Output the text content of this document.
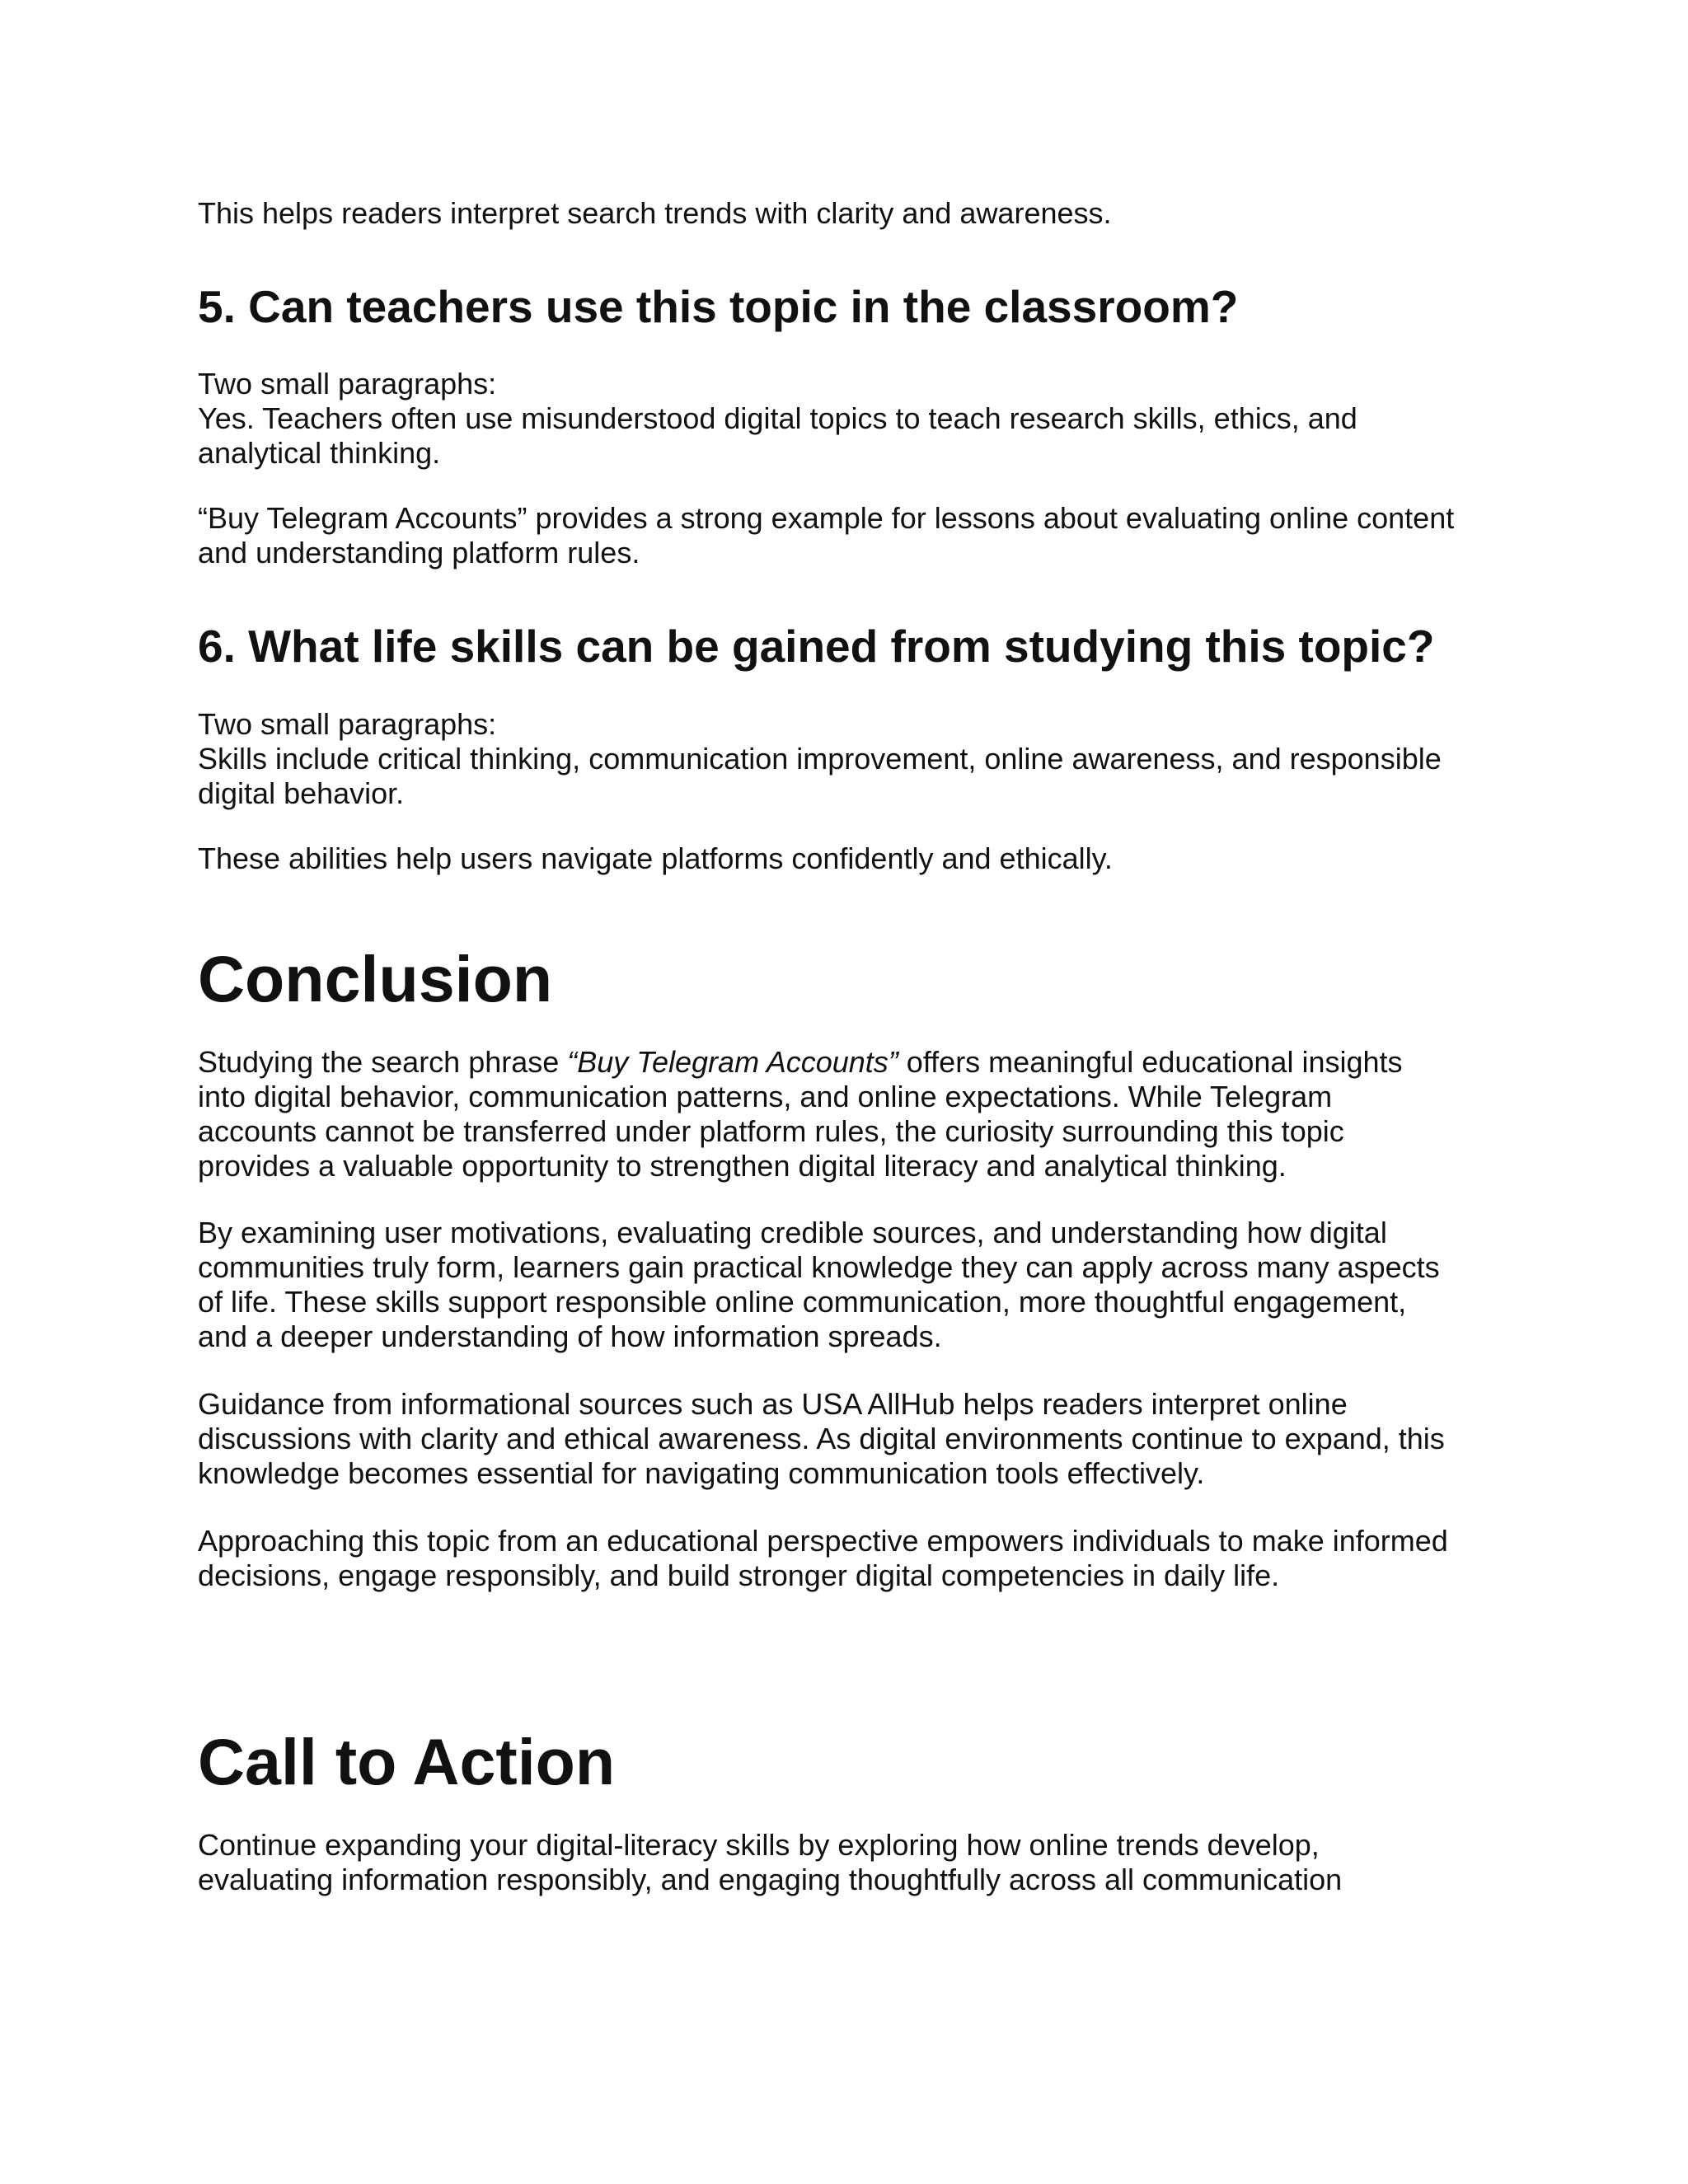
This helps readers interpret search trends with clarity and awareness.

5. Can teachers use this topic in the classroom?

Two small paragraphs:
Yes. Teachers often use misunderstood digital topics to teach research skills, ethics, and
analytical thinking.

“Buy Telegram Accounts” provides a strong example for lessons about evaluating online content
and understanding platform rules.

6. What life skills can be gained from studying this topic?

Two small paragraphs:
Skills include critical thinking, communication improvement, online awareness, and responsible
digital behavior.

These abilities help users navigate platforms confidently and ethically.

Conclusion

Studying the search phrase “Buy Telegram Accounts” offers meaningful educational insights
into digital behavior, communication patterns, and online expectations. While Telegram
accounts cannot be transferred under platform rules, the curiosity surrounding this topic
provides a valuable opportunity to strengthen digital literacy and analytical thinking.

By examining user motivations, evaluating credible sources, and understanding how digital
communities truly form, learners gain practical knowledge they can apply across many aspects
of life. These skills support responsible online communication, more thoughtful engagement,
and a deeper understanding of how information spreads.

Guidance from informational sources such as USA AllHub helps readers interpret online
discussions with clarity and ethical awareness. As digital environments continue to expand, this
knowledge becomes essential for navigating communication tools effectively.

Approaching this topic from an educational perspective empowers individuals to make informed
decisions, engage responsibly, and build stronger digital competencies in daily life.

Call to Action

Continue expanding your digital-literacy skills by exploring how online trends develop,
evaluating information responsibly, and engaging thoughtfully across all communication
